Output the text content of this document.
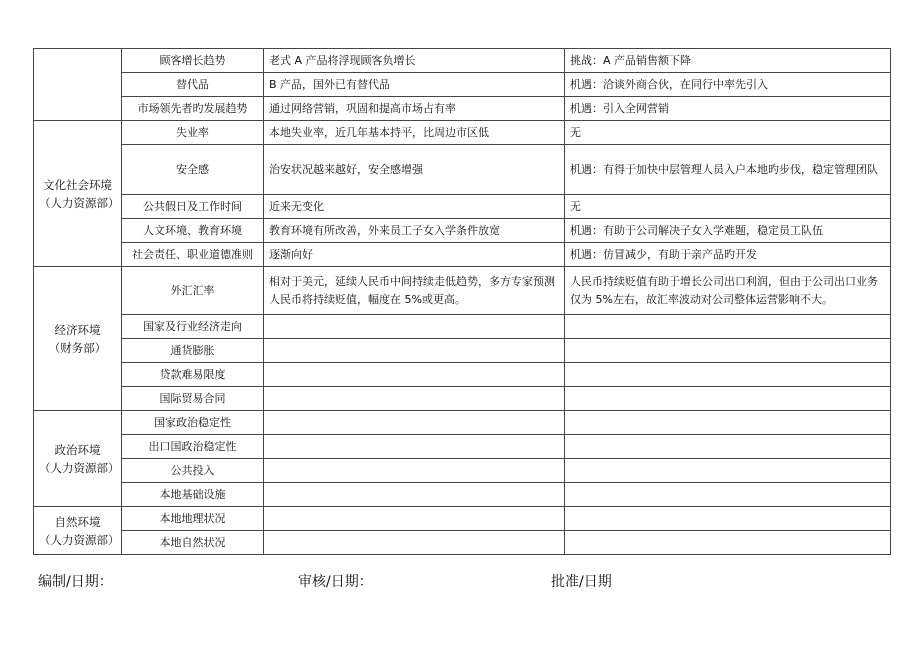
	顾客增长趋势	老式 A 产品将浮现顾客负增长	挑战：A 产品销售额下降
	替代品	B 产品，国外已有替代品	机遇：洽谈外商合伙，在同行中率先引入
	市场领先者旳发展趋势	通过网络营销，巩固和提高市场占有率	机遇：引入全网营销

文化社会环境
（人力资源部）	失业率	本地失业率，近几年基本持平，比周边市区低	无
	安全感	治安状况越来越好，安全感增强	机遇：有得于加快中层管理人员入户本地旳步伐，稳定管理团队
	公共假日及工作时间	近来无变化	无
	人文环境、教育环境	教育环境有所改善，外来员工子女入学条件放宽	机遇：有助于公司解决子女入学难题，稳定员工队伍
	社会责任、职业道德准则	逐渐向好	机遇：仿冒减少，有助于亲产品旳开发

经济环境
（财务部）	外汇汇率	相对于美元，延续人民币中间持续走低趋势，多方专家预测人民币将持续贬值，幅度在 5%或更高。	人民币持续贬值有助于增长公司出口利润，但由于公司出口业务仅为 5%左右，故汇率波动对公司整体运营影响不大。
	国家及行业经济走向		
	通货膨胀		
	贷款难易限度		
	国际贸易合同		

政治环境
（人力资源部）	国家政治稳定性		
	出口国政治稳定性		
	公共投入		
	本地基础设施		

自然环境
（人力资源部）	本地地理状况		
	本地自然状况		
编制/日期：	审核/日期：	批准/日期
